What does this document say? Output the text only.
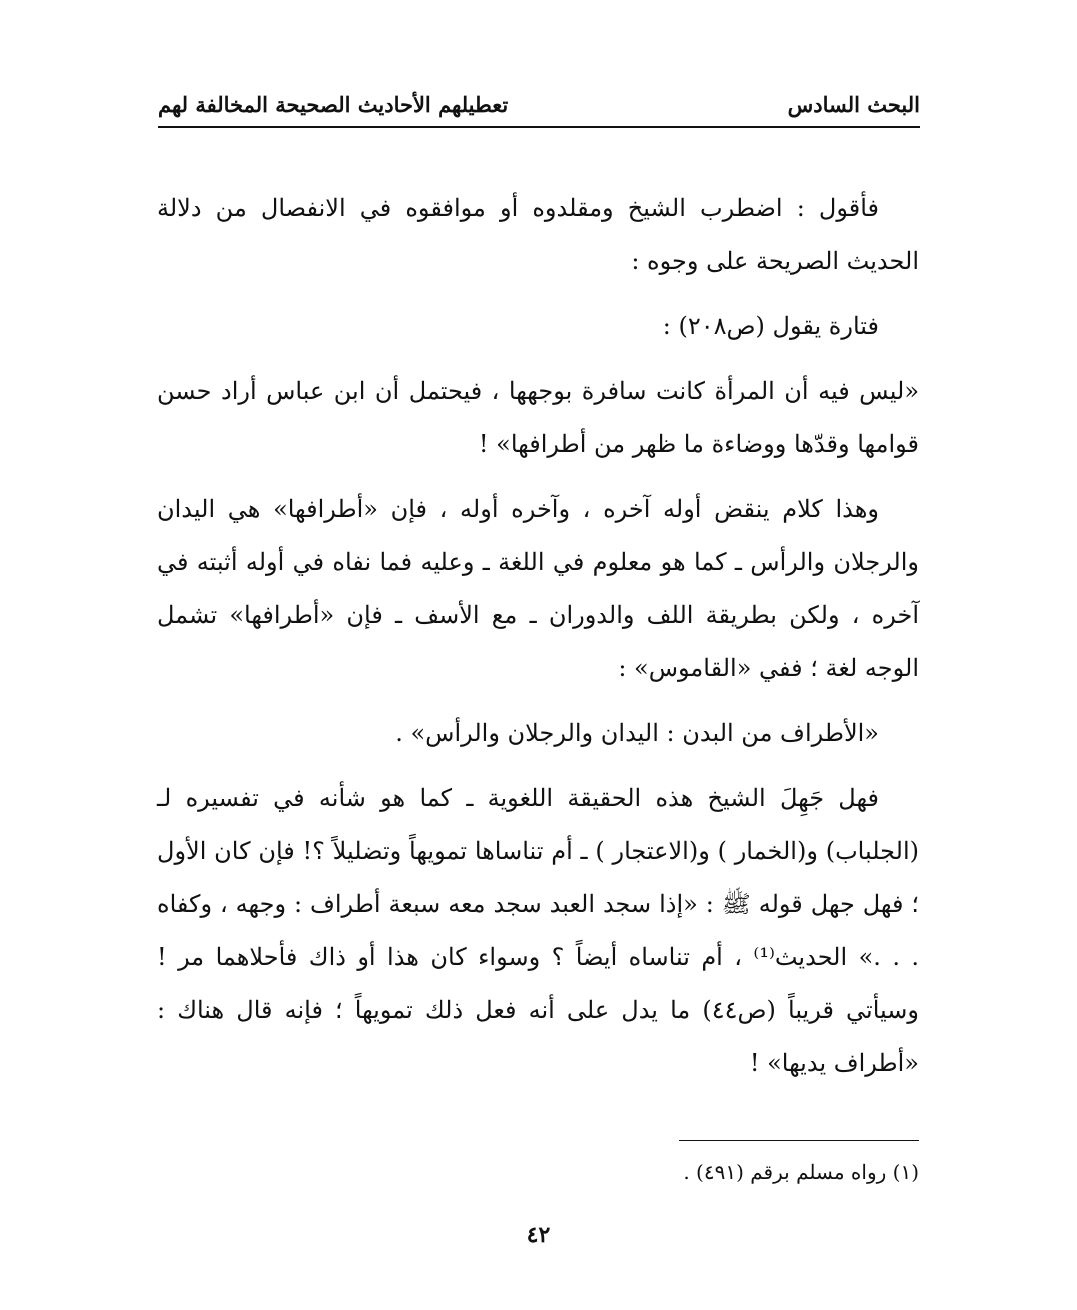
البحث السادس
تعطيلهم الأحاديث الصحيحة المخالفة لهم

فأقول : اضطرب الشيخ ومقلدوه أو موافقوه في الانفصال من دلالة الحديث الصريحة على وجوه :

فتارة يقول (ص٢٠٨) :

«ليس فيه أن المرأة كانت سافرة بوجهها ، فيحتمل أن ابن عباس أراد حسن قوامها وقدّها ووضاءة ما ظهر من أطرافها» !

وهذا كلام ينقض أوله آخره ، وآخره أوله ، فإن «أطرافها» هي اليدان والرجلان والرأس ـ كما هو معلوم في اللغة ـ وعليه فما نفاه في أوله أثبته في آخره ، ولكن بطريقة اللف والدوران ـ مع الأسف ـ فإن «أطرافها» تشمل الوجه لغة ؛ ففي «القاموس» :

«الأطراف من البدن : اليدان والرجلان والرأس» .

فهل جَهِلَ الشيخ هذه الحقيقة اللغوية ـ كما هو شأنه في تفسيره لـ (الجلباب) و(الخمار ) و(الاعتجار ) ـ أم تناساها تمويهاً وتضليلاً ؟! فإن كان الأول ؛ فهل جهل قوله ﷺ : «إذا سجد العبد سجد معه سبعة أطراف : وجهه ، وكفاه . . .» الحديث⁽¹⁾ ، أم تناساه أيضاً ؟ وسواء كان هذا أو ذاك فأحلاهما مر ! وسيأتي قريباً (ص٤٤) ما يدل على أنه فعل ذلك تمويهاً ؛ فإنه قال هناك : «أطراف يديها» !

(١) رواه مسلم برقم (٤٩١) .
٤٢
